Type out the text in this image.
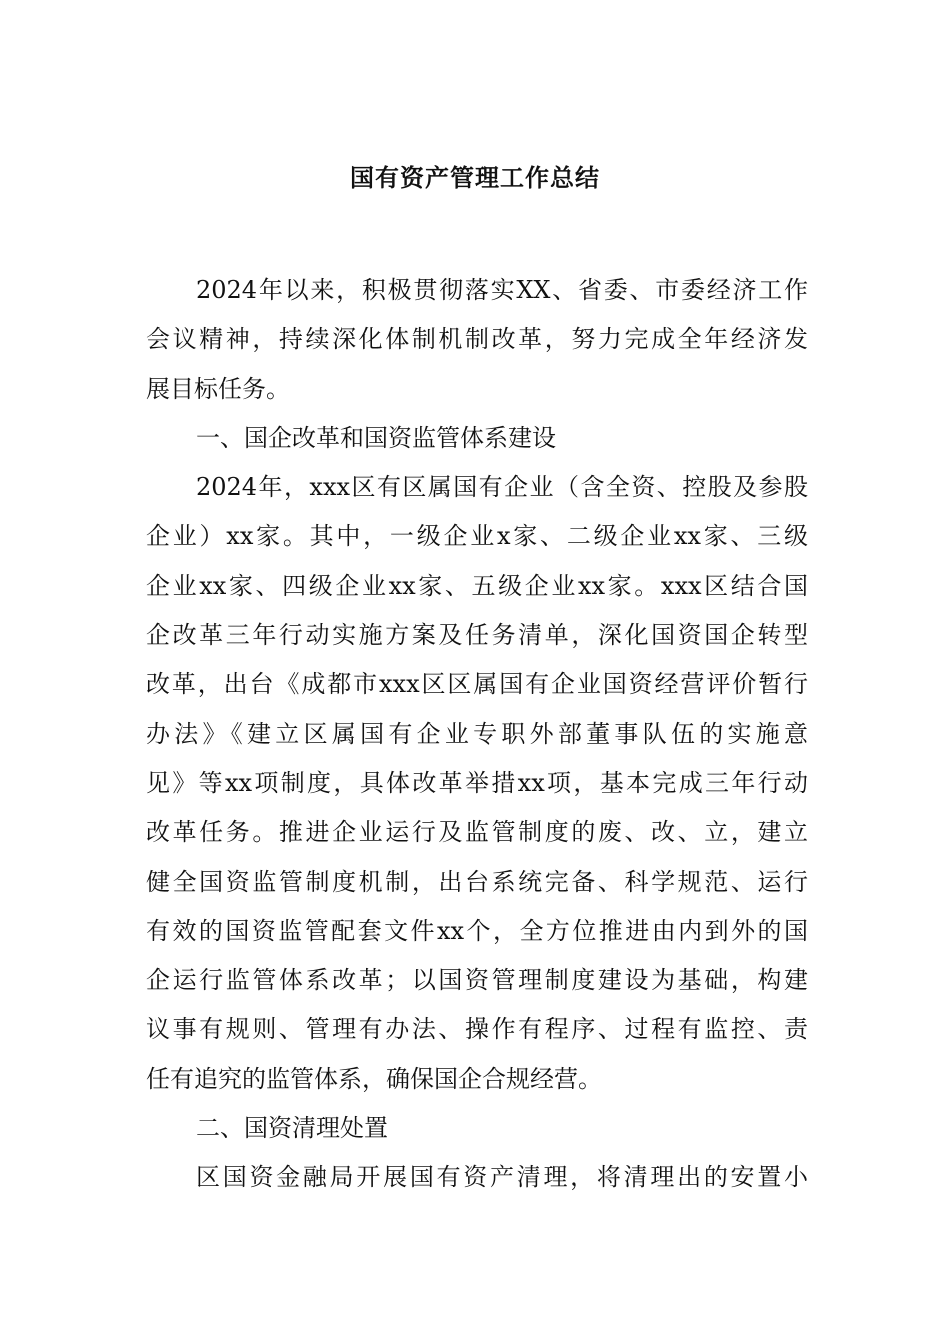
国有资产管理工作总结
2024年以来，积极贯彻落实XX、省委、市委经济工作
会议精神，持续深化体制机制改革，努力完成全年经济发
展目标任务。
一、国企改革和国资监管体系建设
2024年，xxx区有区属国有企业（含全资、控股及参股
企业）xx家。其中，一级企业x家、二级企业xx家、三级
企业xx家、四级企业xx家、五级企业xx家。xxx区结合国
企改革三年行动实施方案及任务清单，深化国资国企转型
改革，出台《成都市xxx区区属国有企业国资经营评价暂行
办法》《建立区属国有企业专职外部董事队伍的实施意
见》等xx项制度，具体改革举措xx项，基本完成三年行动
改革任务。推进企业运行及监管制度的废、改、立，建立
健全国资监管制度机制，出台系统完备、科学规范、运行
有效的国资监管配套文件xx个，全方位推进由内到外的国
企运行监管体系改革；以国资管理制度建设为基础，构建
议事有规则、管理有办法、操作有程序、过程有监控、责
任有追究的监管体系，确保国企合规经营。
二、国资清理处置
区国资金融局开展国有资产清理，将清理出的安置小
